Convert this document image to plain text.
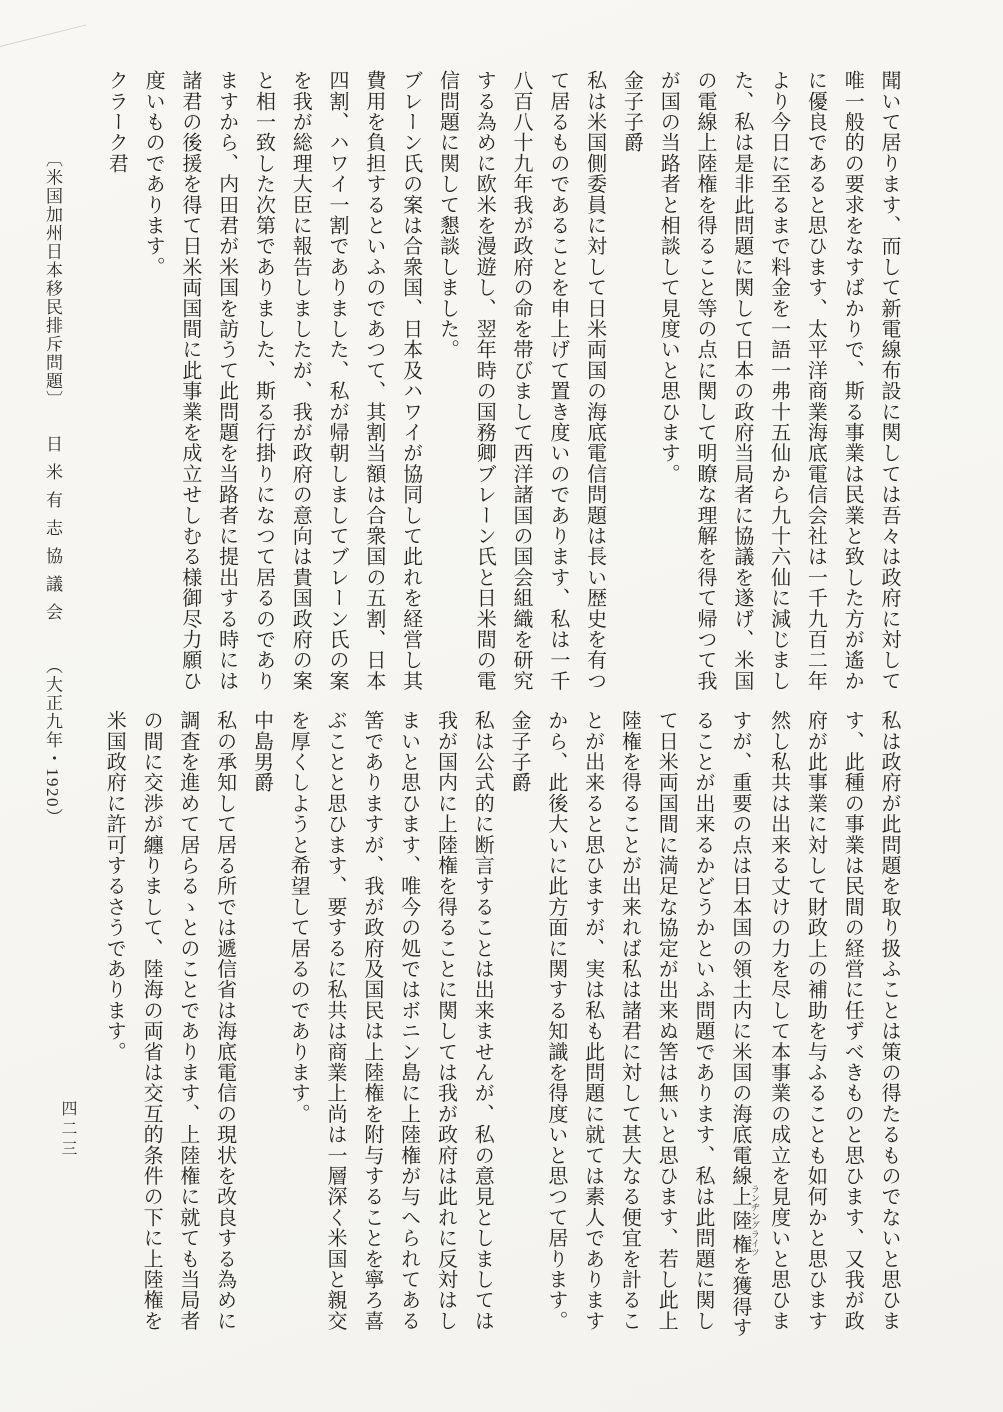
聞いて居ります、而して新電線布設に関しては吾々は政府に対して
唯一般的の要求をなすばかりで、斯る事業は民業と致した方が遙か
に優良であると思ひます、太平洋商業海底電信会社は一千九百二年
より今日に至るまで料金を一語一弗十五仙から九十六仙に減じまし
た、私は是非此問題に関して日本の政府当局者に協議を遂げ、米国
の電線上陸権を得ること等の点に関して明瞭な理解を得て帰つて我
が国の当路者と相談して見度いと思ひます。
金子子爵
私は米国側委員に対して日米両国の海底電信問題は長い歴史を有つ
て居るものであることを申上げて置き度いのであります、私は一千
八百八十九年我が政府の命を帯びまして西洋諸国の国会組織を研究
する為めに欧米を漫遊し、翌年時の国務卿ブレーン氏と日米間の電
信問題に関して懇談しました。
ブレーン氏の案は合衆国、日本及ハワイが協同して此れを経営し其
費用を負担するといふのであつて、其割当額は合衆国の五割、日本
四割、ハワイ一割でありました、私が帰朝しましてブレーン氏の案
を我が総理大臣に報告しましたが、我が政府の意向は貴国政府の案
と相一致した次第でありました、斯る行掛りになつて居るのであり
ますから、内田君が米国を訪うて此問題を当路者に提出する時には
諸君の後援を得て日米両国間に此事業を成立せしむる様御尽力願ひ
度いものであります。
クラーク君
私は政府が此問題を取り扱ふことは策の得たるものでないと思ひま
す、此種の事業は民間の経営に任ずべきものと思ひます、又我が政
府が此事業に対して財政上の補助を与ふることも如何かと思ひます
然し私共は出来る丈けの力を尽して本事業の成立を見度いと思ひま
すが、重要の点は日本国の領土内に米国の海底電線上陸権 ランヂングライツを獲得す
ることが出来るかどうかといふ問題であります、私は此問題に関し
て日米両国間に満足な協定が出来ぬ筈は無いと思ひます、若し此上
陸権を得ることが出来れば私は諸君に対して甚大なる便宜を計るこ
とが出来ると思ひますが、実は私も此問題に就ては素人であります
から、此後大いに此方面に関する知識を得度いと思つて居ります。
金子子爵
私は公式的に断言することは出来ませんが、私の意見としましては
我が国内に上陸権を得ることに関しては我が政府は此れに反対はし
まいと思ひます、唯今の処ではボニン島に上陸権が与へられてある
筈でありますが、我が政府及国民は上陸権を附与することを寧ろ喜
ぶことと思ひます、要するに私共は商業上尚は一層深く米国と親交
を厚くしようと希望して居るのであります。
中島男爵
私の承知して居る所では遞信省は海底電信の現状を改良する為めに
調査を進めて居らるゝとのことであります、上陸権に就ても当局者
の間に交渉が纏りまして、陸海の両省は交互的条件の下に上陸権を
米国政府に許可するさうであります。
〔米国加州日本移民排斥問題〕日米有志協議会（大正九年・1920）
四二三
